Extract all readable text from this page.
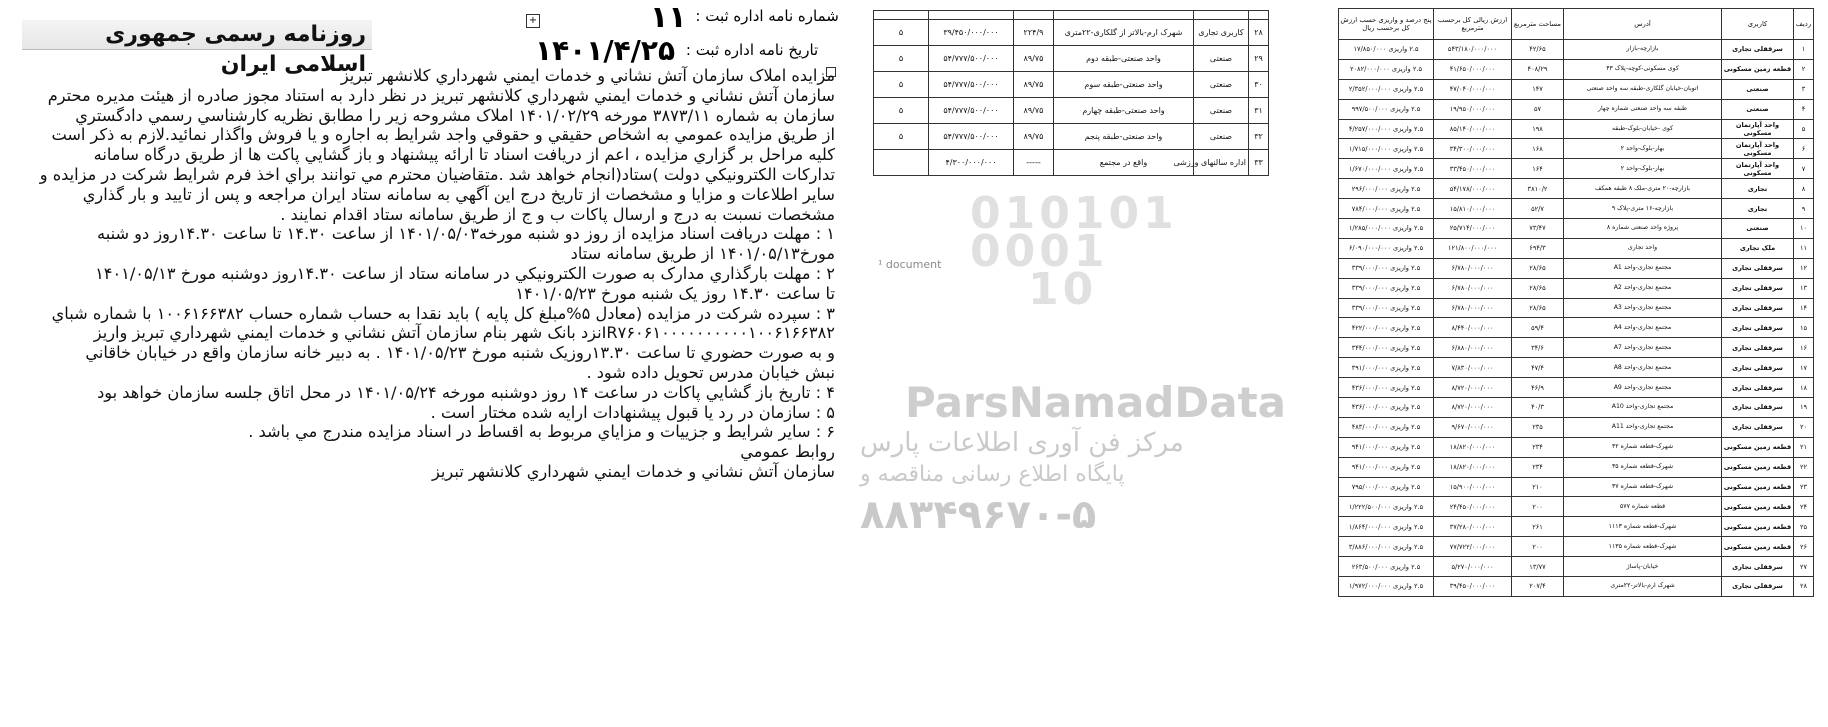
شماره نامه اداره ثبت : ۱۱
+
تاریخ نامه اداره ثبت : ۱۴۰۱/۴/۲۵
روزنامه رسمی جمهوری اسلامی ایران
مزايده املاک سازمان آتش نشاني و خدمات ايمني شهرداري کلانشهر تبريز
سازمان آتش نشاني و خدمات ايمني شهرداري کلانشهر تبريز در نظر دارد به استناد مجوز صادره از هيئت مديره محترم
سازمان به شماره ۳۸۷۳/۱۱ مورخه ۱۴۰۱/۰۲/۲۹ املاک مشروحه زير را مطابق نظريه کارشناسي رسمي دادگستري
از طريق مزايده عمومي به اشخاص حقيقي و حقوقي واجد شرايط به اجاره و يا فروش واگذار نمائيد.لازم به ذکر است
کليه مراحل بر گزاري مزايده ، اعم از دريافت اسناد تا ارائه پيشنهاد و باز گشايي پاکت ها از طريق درگاه سامانه
تدارکات الکترونيکي دولت )ستاد(انجام خواهد شد .متقاضيان محترم مي توانند براي اخذ فرم شرايط شرکت در مزايده و
ساير اطلاعات و مزايا و مشخصات از تاريخ درج اين آگهي به سامانه ستاد ايران مراجعه و پس از تاييد و بار گذاري
مشخصات نسبت به درج و ارسال پاکات ب و ج از طريق سامانه ستاد اقدام نمايند .
۱ : مهلت دريافت اسناد مزايده از روز دو شنبه مورخه۱۴۰۱/۰۵/۰۳ از ساعت ۱۴.۳۰ تا ساعت ۱۴.۳۰روز دو شنبه
مورخ۱۴۰۱/۰۵/۱۳ از طريق سامانه ستاد
۲ : مهلت بارگذاري مدارک به صورت الکترونيکي در سامانه ستاد از ساعت ۱۴.۳۰روز دوشنبه مورخ ۱۴۰۱/۰۵/۱۳
تا ساعت ۱۴.۳۰ روز يک شنبه مورخ ۱۴۰۱/۰۵/۲۳
۳ : سپرده شرکت در مزايده (معادل ۵%مبلغ کل پايه ) بايد نقدا به حساب شماره حساب ۱۰۰۶۱۶۶۳۸۲ با شماره شباي
IR۷۶۰۶۱۰۰۰۰۰۰۰۰۰۰۱۰۰۶۱۶۶۳۸۲نزد بانک شهر بنام سازمان آتش نشاني و خدمات ايمني شهرداري تبريز واريز
و به صورت حضوري تا ساعت ۱۳.۳۰روزيک شنبه مورخ ۱۴۰۱/۰۵/۲۳ . به دبير خانه سازمان واقع در خيابان خاقاني
نبش خيابان مدرس تحويل داده شود .
۴ : تاريخ باز گشايي پاکات در ساعت ۱۴ روز دوشنبه مورخه ۱۴۰۱/۰۵/۲۴ در محل اتاق جلسه سازمان خواهد بود
۵ : سازمان در رد يا قبول پيشنهادات ارايه شده مختار است .
۶ : ساير شرايط و جزييات و مزاياي مربوط به اقساط در اسناد مزايده مندرج مي باشد .
روابط عمومي
سازمان آتش نشاني و خدمات ايمني شهرداري کلانشهر تبريز

۲۸	کاربری تجاری	شهرک ارم-بالاتر از گلکاری-۲۲متری	۲۲۴/۹	۳۹/۴۵۰/۰۰۰/۰۰۰	۵
۲۹	صنعتی	واحد صنعتی-طبقه دوم	۸۹/۷۵	۵۴/۷۷۷/۵۰۰/۰۰۰	۵
۳۰	صنعتی	واحد صنعتی-طبقه سوم	۸۹/۷۵	۵۴/۷۷۷/۵۰۰/۰۰۰	۵
۳۱	صنعتی	واحد صنعتی-طبقه چهارم	۸۹/۷۵	۵۴/۷۷۷/۵۰۰/۰۰۰	۵
۳۲	صنعتی	واحد صنعتی-طبقه پنجم	۸۹/۷۵	۵۴/۷۷۷/۵۰۰/۰۰۰	۵
۳۳	اداره سالنهای ورزشی	واقع در مجتمع	-----	۴/۳۰۰/۰۰۰/۰۰۰	
010101
0001
10
¹ document
ParsNamadData
مرکز فن آوری اطلاعات پارس
پایگاه اطلاع رسانی مناقصه و
۸۸۳۴۹۶۷۰-۵
ردیف	کاربری	آدرس	مساحت مترمربع	ارزش ریالی کل برحسب مترمربع	پنج درصد و واریزی حسب ارزش کل برحسب ریال
۱	سرقفلی تجاری	بازارچه-بازار	۴۲/۶۵	۵۴۳/۱۸۰/۰۰۰/۰۰۰	۲.۵ واریزی ۱۷/۸۵۰/۰۰۰
۲	قطعه زمین مسکونی	کوی مسکونی-کوچه-پلاک ۴۳	۴۰۸/۲۹	۴۱/۶۵۰/۰۰۰/۰۰۰	۲.۵ واریزی ۲۰۸۲/۰۰۰/۰۰۰
۳	صنعتی	اتوبان-خیابان گلکاری-طبقه سه واحد صنعتی	۱۴۷	۴۷/۰۴۰/۰۰۰/۰۰۰	۲.۵ واریزی ۲/۳۵۲/۰۰۰/۰۰۰
۴	صنعتی	طبقه سه واحد صنعتی شماره چهار	۵۷	۱۹/۹۵۰/۰۰۰/۰۰۰	۲.۵ واریزی ۹۹۷/۵۰۰/۰۰۰
۵	واحد آپارتمان مسکونی	کوی -خیابان-بلوک-طبقه	۱۹۸	۸۵/۱۴۰/۰۰۰/۰۰۰	۲.۵ واریزی ۴/۲۵۷/۰۰۰/۰۰۰
۶	واحد آپارتمان مسکونی	بهار-بلوک-واحد ۲	۱۶۸	۳۴/۳۰۰/۰۰۰/۰۰۰	۲.۵ واریزی ۱/۷۱۵/۰۰۰/۰۰۰
۷	واحد آپارتمان مسکونی	بهار-بلوک-واحد ۲	۱۶۴	۳۳/۴۵۰/۰۰۰/۰۰۰	۲.۵ واریزی ۱/۶۷۰/۰۰۰/۰۰۰
۸	تجاری	بازارچه-۲۰ متری-ملک ۸ طبقه همکف	۳۸۱۰/۲	۵۴/۱۷۸/۰۰۰/۰۰۰	۲.۵ واریزی ۲۹۶/۰۰۰/۰۰۰
۹	تجاری	بازارچه-۱۶ متری-پلاک ۹	۵۲/۷	۱۵/۸۱۰/۰۰۰/۰۰۰	۲.۵ واریزی ۷۸۴/۰۰۰/۰۰۰
۱۰	صنعتی	پروژه واحد صنعتی شماره ۸	۷۳/۴۷	۲۵/۷۱۴/۰۰۰/۰۰۰	۲.۵ واریزی ۱/۲۸۵/۰۰۰/۰۰۰
۱۱	ملک تجاری	واحد تجاری	۶۹۴/۳	۱۲۱/۸۰۰/۰۰۰/۰۰۰	۲.۵ واریزی ۶/۰۹۰/۰۰۰/۰۰۰
۱۲	سرقفلی تجاری	مجتمع تجاری-واحد A1	۲۸/۶۵	۶/۷۸۰/۰۰۰/۰۰۰	۲.۵ واریزی ۳۳۹/۰۰۰/۰۰۰
۱۳	سرقفلی تجاری	مجتمع تجاری-واحد A2	۲۸/۶۵	۶/۷۸۰/۰۰۰/۰۰۰	۲.۵ واریزی ۳۳۹/۰۰۰/۰۰۰
۱۴	سرقفلی تجاری	مجتمع تجاری-واحد A3	۲۸/۶۵	۶/۷۸۰/۰۰۰/۰۰۰	۲.۵ واریزی ۳۳۹/۰۰۰/۰۰۰
۱۵	سرقفلی تجاری	مجتمع تجاری-واحد A4	۵۹/۴	۸/۴۴۰/۰۰۰/۰۰۰	۲.۵ واریزی ۴۲۲/۰۰۰/۰۰۰
۱۶	سرقفلی تجاری	مجتمع تجاری-واحد A7	۳۴/۶	۶/۸۸۰/۰۰۰/۰۰۰	۲.۵ واریزی ۳۴۴/۰۰۰/۰۰۰
۱۷	سرقفلی تجاری	مجتمع تجاری-واحد A8	۴۷/۴	۷/۸۳۰/۰۰۰/۰۰۰	۲.۵ واریزی ۳۹۱/۰۰۰/۰۰۰
۱۸	سرقفلی تجاری	مجتمع تجاری-واحد A9	۴۶/۹	۸/۷۲۰/۰۰۰/۰۰۰	۲.۵ واریزی ۴۳۶/۰۰۰/۰۰۰
۱۹	سرقفلی تجاری	مجتمع تجاری-واحد A10	۴۰/۳	۸/۷۲۰/۰۰۰/۰۰۰	۲.۵ واریزی ۴۳۶/۰۰۰/۰۰۰
۲۰	سرقفلی تجاری	مجتمع تجاری-واحد A11	۲۳۵	۹/۶۷۰/۰۰۰/۰۰۰	۲.۵ واریزی ۴۸۳/۰۰۰/۰۰۰
۲۱	قطعه زمین مسکونی	شهرک-قطعه شماره ۴۲	۲۳۴	۱۸/۸۲۰/۰۰۰/۰۰۰	۲.۵ واریزی ۹۴۱/۰۰۰/۰۰۰
۲۲	قطعه زمین مسکونی	شهرک-قطعه شماره ۳۵	۲۳۴	۱۸/۸۲۰/۰۰۰/۰۰۰	۲.۵ واریزی ۹۴۱/۰۰۰/۰۰۰
۲۳	قطعه زمین مسکونی	شهرک-قطعه شماره ۳۷	۲۱۰	۱۵/۹۰۰/۰۰۰/۰۰۰	۲.۵ واریزی ۷۹۵/۰۰۰/۰۰۰
۲۴	قطعه زمین مسکونی	قطعه شماره ۵۷۷	۲۰۰	۲۴/۴۵۰/۰۰۰/۰۰۰	۲.۵ واریزی ۱/۲۲۲/۵۰۰/۰۰۰
۲۵	قطعه زمین مسکونی	شهرک-قطعه شماره ۱۱۱۳	۲۶۱	۳۷/۲۸۰/۰۰۰/۰۰۰	۲.۵ واریزی ۱/۸۶۴/۰۰۰/۰۰۰
۲۶	قطعه زمین مسکونی	شهرک-قطعه شماره ۱۱۳۵	۲۰۰	۷۷/۷۲۲/۰۰۰/۰۰۰	۲.۵ واریزی ۳/۸۸۶/۰۰۰/۰۰۰
۲۷	سرقفلی تجاری	خیابان-پاساژ	۱۳/۷۷	۵/۲۷۰/۰۰۰/۰۰۰	۲.۵ واریزی ۲۶۳/۵۰۰/۰۰۰
۲۸	سرقفلی تجاری	شهرک ارم-بالاتر-۲۲متری	۲۰۷/۴	۳۹/۴۵۰/۰۰۰/۰۰۰	۲.۵ واریزی ۱/۹۷۲/۰۰۰/۰۰۰
